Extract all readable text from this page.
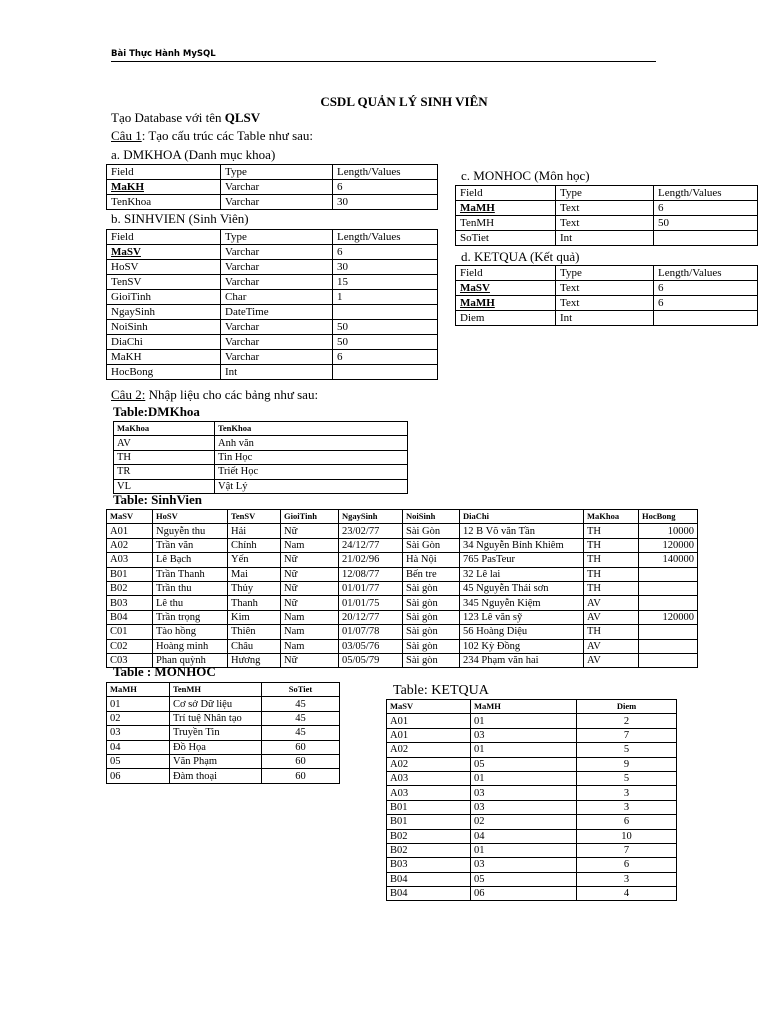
Bài Thực Hành MySQL
CSDL QUẢN LÝ SINH VIÊN
Tạo Database với tên QLSV
Câu 1: Tạo cấu trúc các Table như sau:
a. DMKHOA (Danh mục khoa)
Field	Type	Length/Values
MaKH	Varchar	6
TenKhoa	Varchar	30
b. SINHVIEN (Sinh Viên)
Field	Type	Length/Values
MaSV	Varchar	6
HoSV	Varchar	30
TenSV	Varchar	15
GioiTinh	Char	1
NgaySinh	DateTime	
NoiSinh	Varchar	50
DiaChi	Varchar	50
MaKH	Varchar	6
HocBong	Int	
c. MONHOC (Môn học)
Field	Type	Length/Values
MaMH	Text	6
TenMH	Text	50
SoTiet	Int	
d. KETQUA (Kết quả)
Field	Type	Length/Values
MaSV	Text	6
MaMH	Text	6
Diem	Int	
Câu 2: Nhập liệu cho các bảng như sau:
Table:DMKhoa
MaKhoa	TenKhoa
AV	Anh văn
TH	Tin Học
TR	Triết Học
VL	Vật Lý
Table: SinhVien
MaSV	HoSV	TenSV	GioiTinh	NgaySinh	NoiSinh	DiaChi	MaKhoa	HocBong
A01	Nguyễn thu	Hải	Nữ	23/02/77	Sài Gòn	12 B Võ văn Tần	TH	10000
A02	Trần văn	Chính	Nam	24/12/77	Sài Gòn	34 Nguyễn Bỉnh Khiêm	TH	120000
A03	Lê Bạch	Yến	Nữ	21/02/96	Hà Nội	765 PasTeur	TH	140000
B01	Trần Thanh	Mai	Nữ	12/08/77	Bến tre	32 Lê lai	TH	
B02	Trần thu	Thủy	Nữ	01/01/77	Sài gòn	45 Nguyễn Thái sơn	TH	
B03	Lê thu	Thanh	Nữ	01/01/75	Sài gòn	345 Nguyễn Kiệm	AV	
B04	Trần trọng	Kim	Nam	20/12/77	Sài gòn	123 Lê văn sỹ	AV	120000
C01	Tào hồng	Thiên	Nam	01/07/78	Sài gòn	56 Hoàng Diệu	TH	
C02	Hoàng minh	Châu	Nam	03/05/76	Sài gòn	102 Kỳ Đồng	AV	
C03	Phan quỳnh	Hương	Nữ	05/05/79	Sài gòn	234 Phạm văn hai	AV	
Table : MONHOC
MaMH	TenMH	SoTiet
01	Cơ sở Dữ liệu	45
02	Trí tuệ Nhân tạo	45
03	Truyền Tin	45
04	Đồ Họa	60
05	Văn Phạm	60
06	Đàm thoại	60
Table: KETQUA
MaSV	MaMH	Diem
A01	01	2
A01	03	7
A02	01	5
A02	05	9
A03	01	5
A03	03	3
B01	03	3
B01	02	6
B02	04	10
B02	01	7
B03	03	6
B04	05	3
B04	06	4
